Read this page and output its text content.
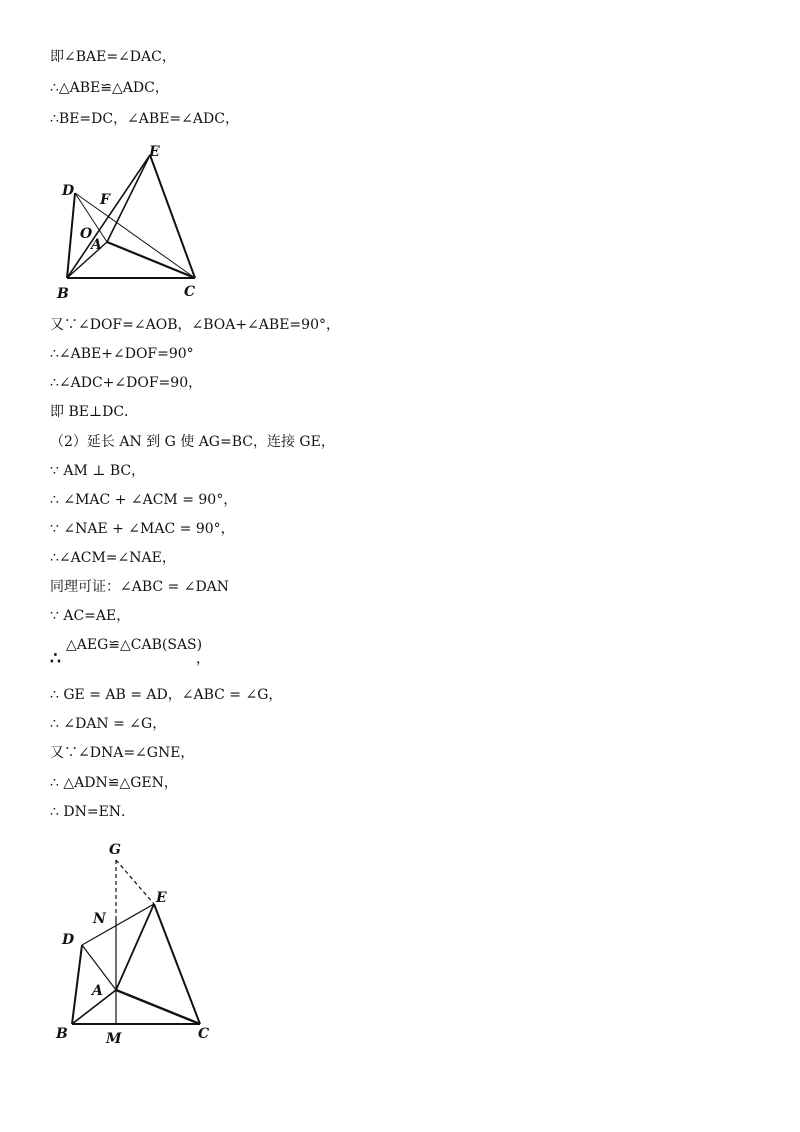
即∠BAE=∠DAC，
∴△ABE≌△ADC，
∴BE=DC，∠ABE=∠ADC，
E
D
F
O
A
B	C
又∵∠DOF=∠AOB，∠BOA+∠ABE=90°，
∴∠ABE+∠DOF=90°
∴∠ADC+∠DOF=90，
即 BE⊥DC．
（2）延长 AN 到 G 使 AG=BC，连接 GE，
∵ AM ⊥ BC，
∴ ∠MAC + ∠ACM = 90°，
∵ ∠NAE + ∠MAC = 90°，
∴∠ACM=∠NAE，
同理可证：∠ABC = ∠DAN
∵ AC=AE，
∴
△AEG≌△CAB(SAS)
，
∴ GE = AB = AD，∠ABC = ∠G，
∴ ∠DAN = ∠G，
又∵∠DNA=∠GNE，
∴ △ADN≌△GEN，
∴ DN=EN．
G
E
N
D
A
B	M	C
